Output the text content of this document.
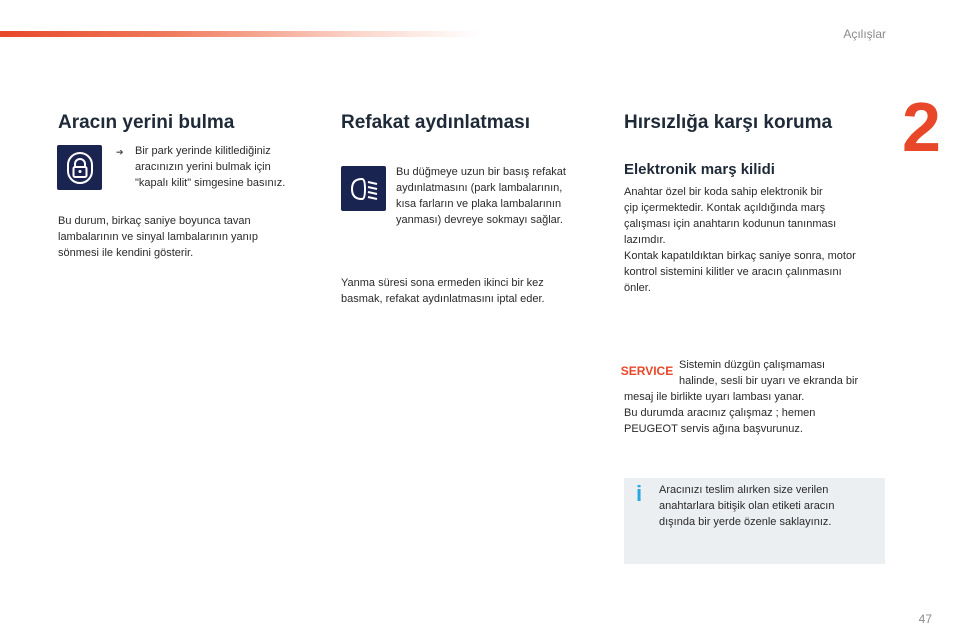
Açılışlar
2
Aracın yerini bulma
➔ Bir park yerinde kilitlediğiniz
aracınızın yerini bulmak için
"kapalı kilit" simgesine basınız.

Bu durum, birkaç saniye boyunca tavan
lambalarının ve sinyal lambalarının yanıp
sönmesi ile kendini gösterir.

Refakat aydınlatması

Bu düğmeye uzun bir basış refakat
aydınlatmasını (park lambalarının,
kısa farların ve plaka lambalarının
yanması) devreye sokmayı sağlar.

Yanma süresi sona ermeden ikinci bir kez
basmak, refakat aydınlatmasını iptal eder.

Hırsızlığa karşı koruma
Elektronik marş kilidi

Anahtar özel bir koda sahip elektronik bir
çip içermektedir. Kontak açıldığında marş
çalışması için anahtarın kodunun tanınması
lazımdır.
Kontak kapatıldıktan birkaç saniye sonra, motor
kontrol sistemini kilitler ve aracın çalınmasını
önler.

SERVICE Sistemin düzgün çalışmaması
halinde, sesli bir uyarı ve ekranda bir

mesaj ile birlikte uyarı lambası yanar.
Bu durumda aracınız çalışmaz ; hemen
PEUGEOT servis ağına başvurunuz.

i	Aracınızı teslim alırken size verilen
anahtarlara bitişik olan etiketi aracın
dışında bir yerde özenle saklayınız.

47
